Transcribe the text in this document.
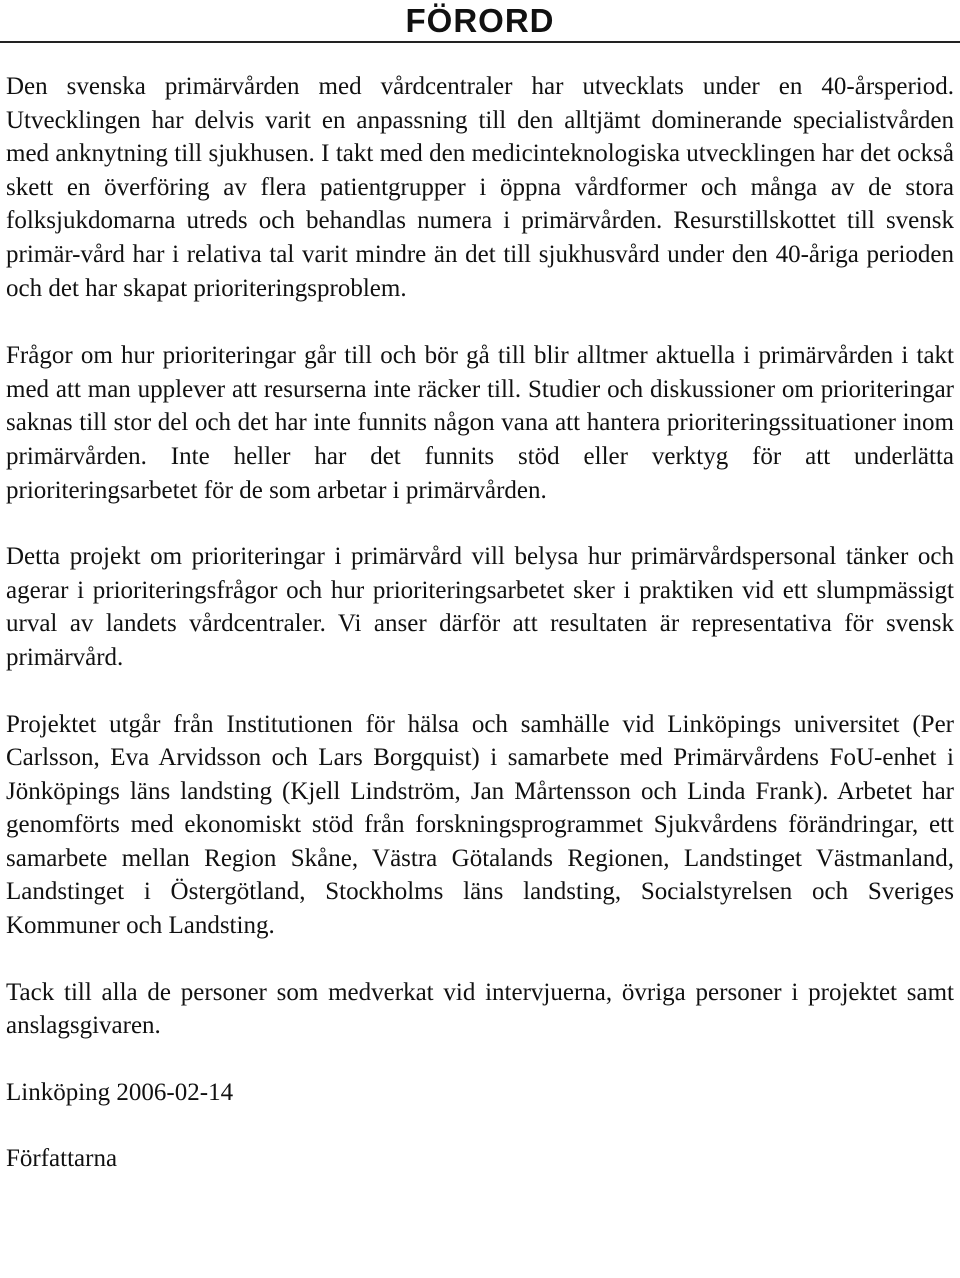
FÖRORD

Den svenska primärvården med vårdcentraler har utvecklats under en 40-årsperiod. Utvecklingen har delvis varit en anpassning till den alltjämt dominerande specialistvården med anknytning till sjukhusen. I takt med den medicinteknologiska utvecklingen har det också skett en överföring av flera patientgrupper i öppna vårdformer och många av de stora folksjukdomarna utreds och behandlas numera i primärvården. Resurstillskottet till svensk primär-vård har i relativa tal varit mindre än det till sjukhusvård under den 40-åriga perioden och det har skapat prioriteringsproblem.

Frågor om hur prioriteringar går till och bör gå till blir alltmer aktuella i primärvården i takt med att man upplever att resurserna inte räcker till. Studier och diskussioner om prioriteringar saknas till stor del och det har inte funnits någon vana att hantera prioriteringssituationer inom primärvården. Inte heller har det funnits stöd eller verktyg för att underlätta prioriteringsarbetet för de som arbetar i primärvården.

Detta projekt om prioriteringar i primärvård vill belysa hur primärvårdspersonal tänker och agerar i prioriteringsfrågor och hur prioriteringsarbetet sker i praktiken vid ett slumpmässigt urval av landets vårdcentraler. Vi anser därför att resultaten är representativa för svensk primärvård.

Projektet utgår från Institutionen för hälsa och samhälle vid Linköpings universitet (Per Carlsson, Eva Arvidsson och Lars Borgquist) i samarbete med Primärvårdens FoU-enhet i Jönköpings läns landsting (Kjell Lindström, Jan Mårtensson och Linda Frank). Arbetet har genomförts med ekonomiskt stöd från forskningsprogrammet Sjukvårdens förändringar, ett samarbete mellan Region Skåne, Västra Götalands Regionen, Landstinget Västmanland, Landstinget i Östergötland, Stockholms läns landsting, Socialstyrelsen och Sveriges Kommuner och Landsting.

Tack till alla de personer som medverkat vid intervjuerna, övriga personer i projektet samt anslagsgivaren.

Linköping 2006-02-14

Författarna
